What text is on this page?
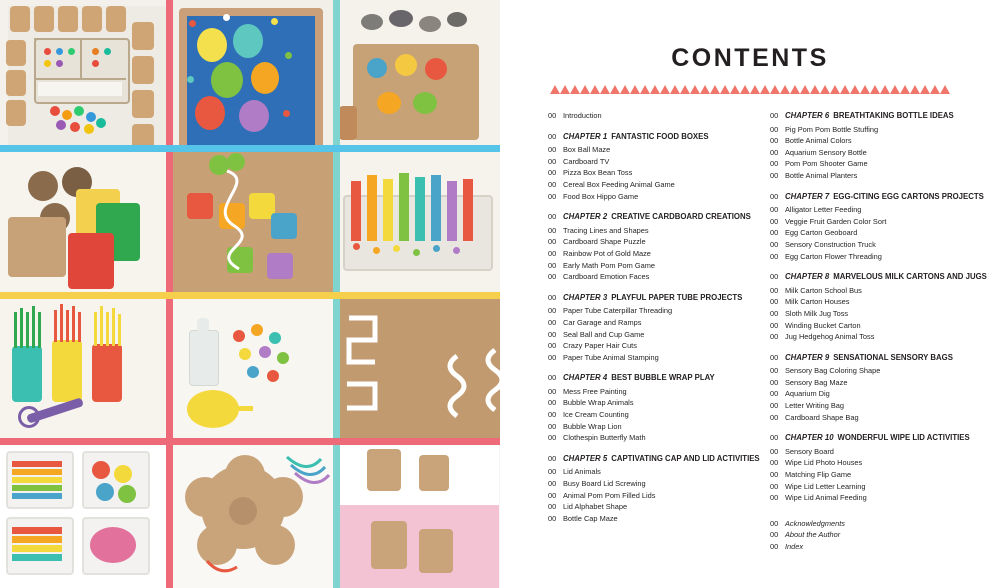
CONTENTS
00 Introduction
00 CHAPTER 1 FANTASTIC FOOD BOXES
00 Box Ball Maze
00 Cardboard TV
00 Pizza Box Bean Toss
00 Cereal Box Feeding Animal Game
00 Food Box Hippo Game
00 CHAPTER 2 CREATIVE CARDBOARD CREATIONS
00 Tracing Lines and Shapes
00 Cardboard Shape Puzzle
00 Rainbow Pot of Gold Maze
00 Early Math Pom Pom Game
00 Cardboard Emotion Faces
00 CHAPTER 3 PLAYFUL PAPER TUBE PROJECTS
00 Paper Tube Caterpillar Threading
00 Car Garage and Ramps
00 Seal Ball and Cup Game
00 Crazy Paper Hair Cuts
00 Paper Tube Animal Stamping
00 CHAPTER 4 BEST BUBBLE WRAP PLAY
00 Mess Free Painting
00 Bubble Wrap Animals
00 Ice Cream Counting
00 Bubble Wrap Lion
00 Clothespin Butterfly Math
00 CHAPTER 5 CAPTIVATING CAP AND LID ACTIVITIES
00 Lid Animals
00 Busy Board Lid Screwing
00 Animal Pom Pom Filled Lids
00 Lid Alphabet Shape
00 Bottle Cap Maze
00 CHAPTER 6 BREATHTAKING BOTTLE IDEAS
00 Pig Pom Pom Bottle Stuffing
00 Bottle Animal Colors
00 Aquarium Sensory Bottle
00 Pom Pom Shooter Game
00 Bottle Animal Planters
00 CHAPTER 7 EGG-CITING EGG CARTONS PROJECTS
00 Alligator Letter Feeding
00 Veggie Fruit Garden Color Sort
00 Egg Carton Geoboard
00 Sensory Construction Truck
00 Egg Carton Flower Threading
00 CHAPTER 8 MARVELOUS MILK CARTONS AND JUGS
00 Milk Carton School Bus
00 Milk Carton Houses
00 Sloth Milk Jug Toss
00 Winding Bucket Carton
00 Jug Hedgehog Animal Toss
00 CHAPTER 9 SENSATIONAL SENSORY BAGS
00 Sensory Bag Coloring Shape
00 Sensory Bag Maze
00 Aquarium Dig
00 Letter Writing Bag
00 Cardboard Shape Bag
00 CHAPTER 10 WONDERFUL WIPE LID ACTIVITIES
00 Sensory Board
00 Wipe Lid Photo Houses
00 Matching Flip Game
00 Wipe Lid Letter Learning
00 Wipe Lid Animal Feeding
00 Acknowledgments
00 About the Author
00 Index
